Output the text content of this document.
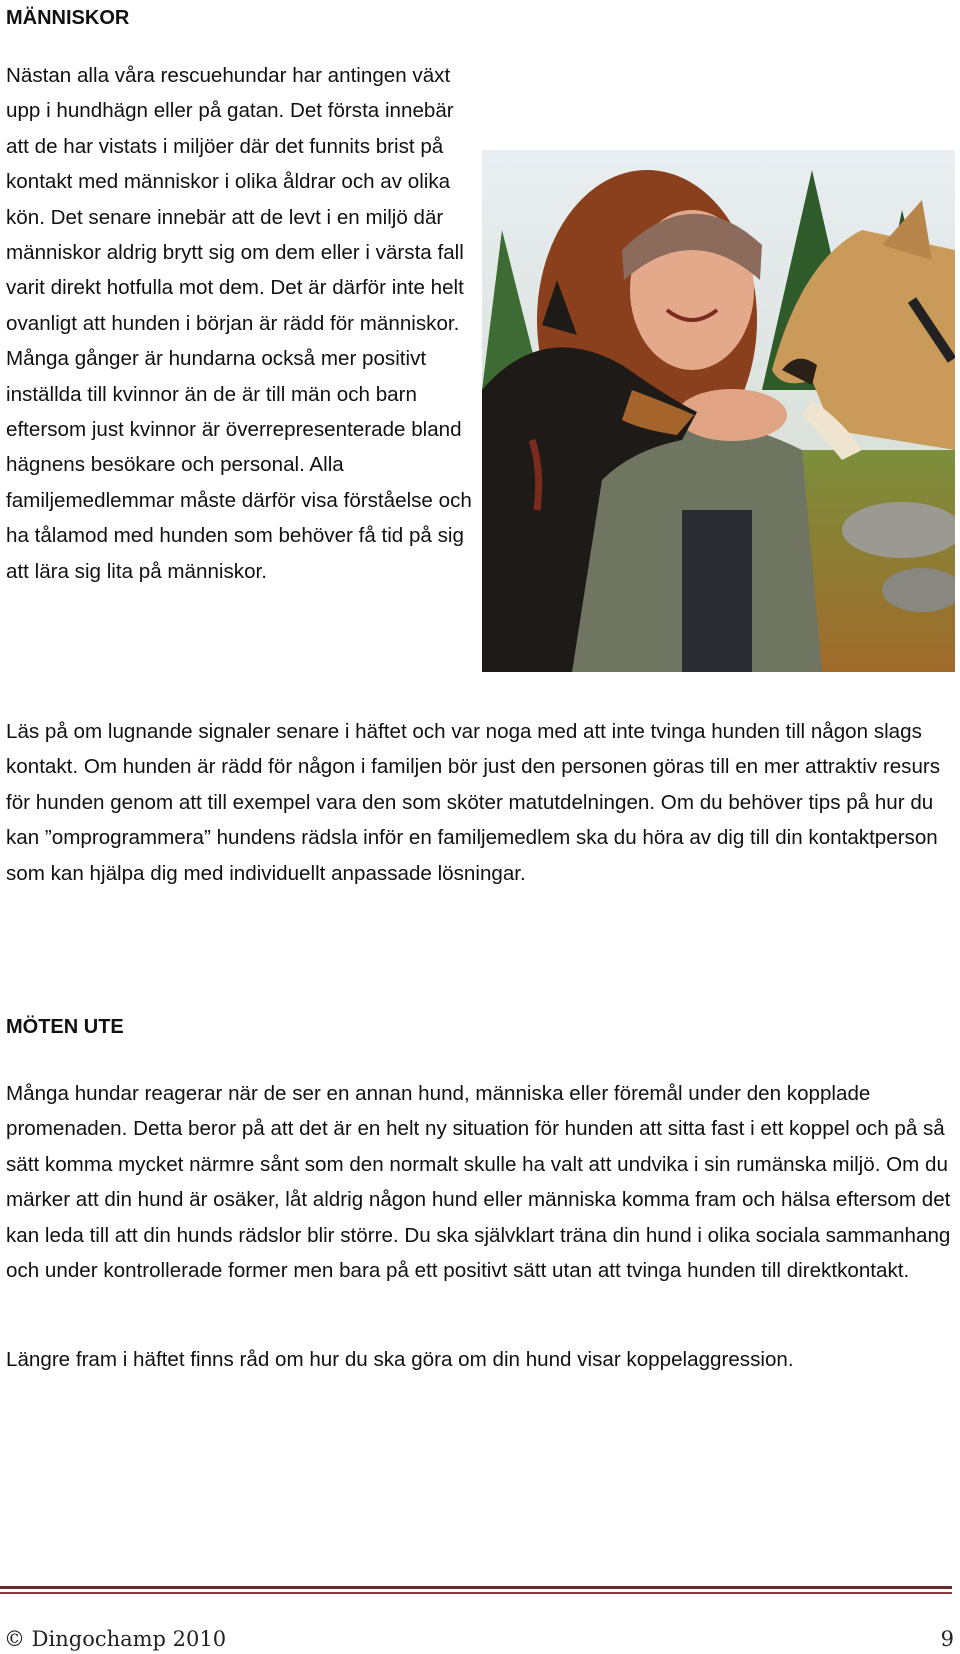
MÄNNISKOR

Nästan alla våra rescuehundar har antingen växt upp i hundhägn eller på gatan. Det första innebär att de har vistats i miljöer där det funnits brist på kontakt med människor i olika åldrar och av olika kön. Det senare innebär att de levt i en miljö där människor aldrig brytt sig om dem eller i värsta fall varit direkt hotfulla mot dem. Det är därför inte helt ovanligt att hunden i början är rädd för människor. Många gånger är hundarna också mer positivt inställda till kvinnor än de är till män och barn eftersom just kvinnor är överrepresenterade bland hägnens besökare och personal. Alla familjemedlemmar måste därför visa förståelse och ha tålamod med hunden som behöver få tid på sig att lära sig lita på människor.

Läs på om lugnande signaler senare i häftet och var noga med att inte tvinga hunden till någon slags kontakt. Om hunden är rädd för någon i familjen bör just den personen göras till en mer attraktiv resurs för hunden genom att till exempel vara den som sköter matutdelningen. Om du behöver tips på hur du kan ”omprogrammera” hundens rädsla inför en familjemedlem ska du höra av dig till din kontaktperson som kan hjälpa dig med individuellt anpassade lösningar.

MÖTEN UTE

Många hundar reagerar när de ser en annan hund, människa eller föremål under den kopplade promenaden. Detta beror på att det är en helt ny situation för hunden att sitta fast i ett koppel och på så sätt komma mycket närmre sånt som den normalt skulle ha valt att undvika i sin rumänska miljö. Om du märker att din hund är osäker, låt aldrig någon hund eller människa komma fram och hälsa eftersom det kan leda till att din hunds rädslor blir större. Du ska självklart träna din hund i olika sociala sammanhang och under kontrollerade former men bara på ett positivt sätt utan att tvinga hunden till direktkontakt.

Längre fram i häftet finns råd om hur du ska göra om din hund visar koppelaggression.

© Dingochamp 2010	9
